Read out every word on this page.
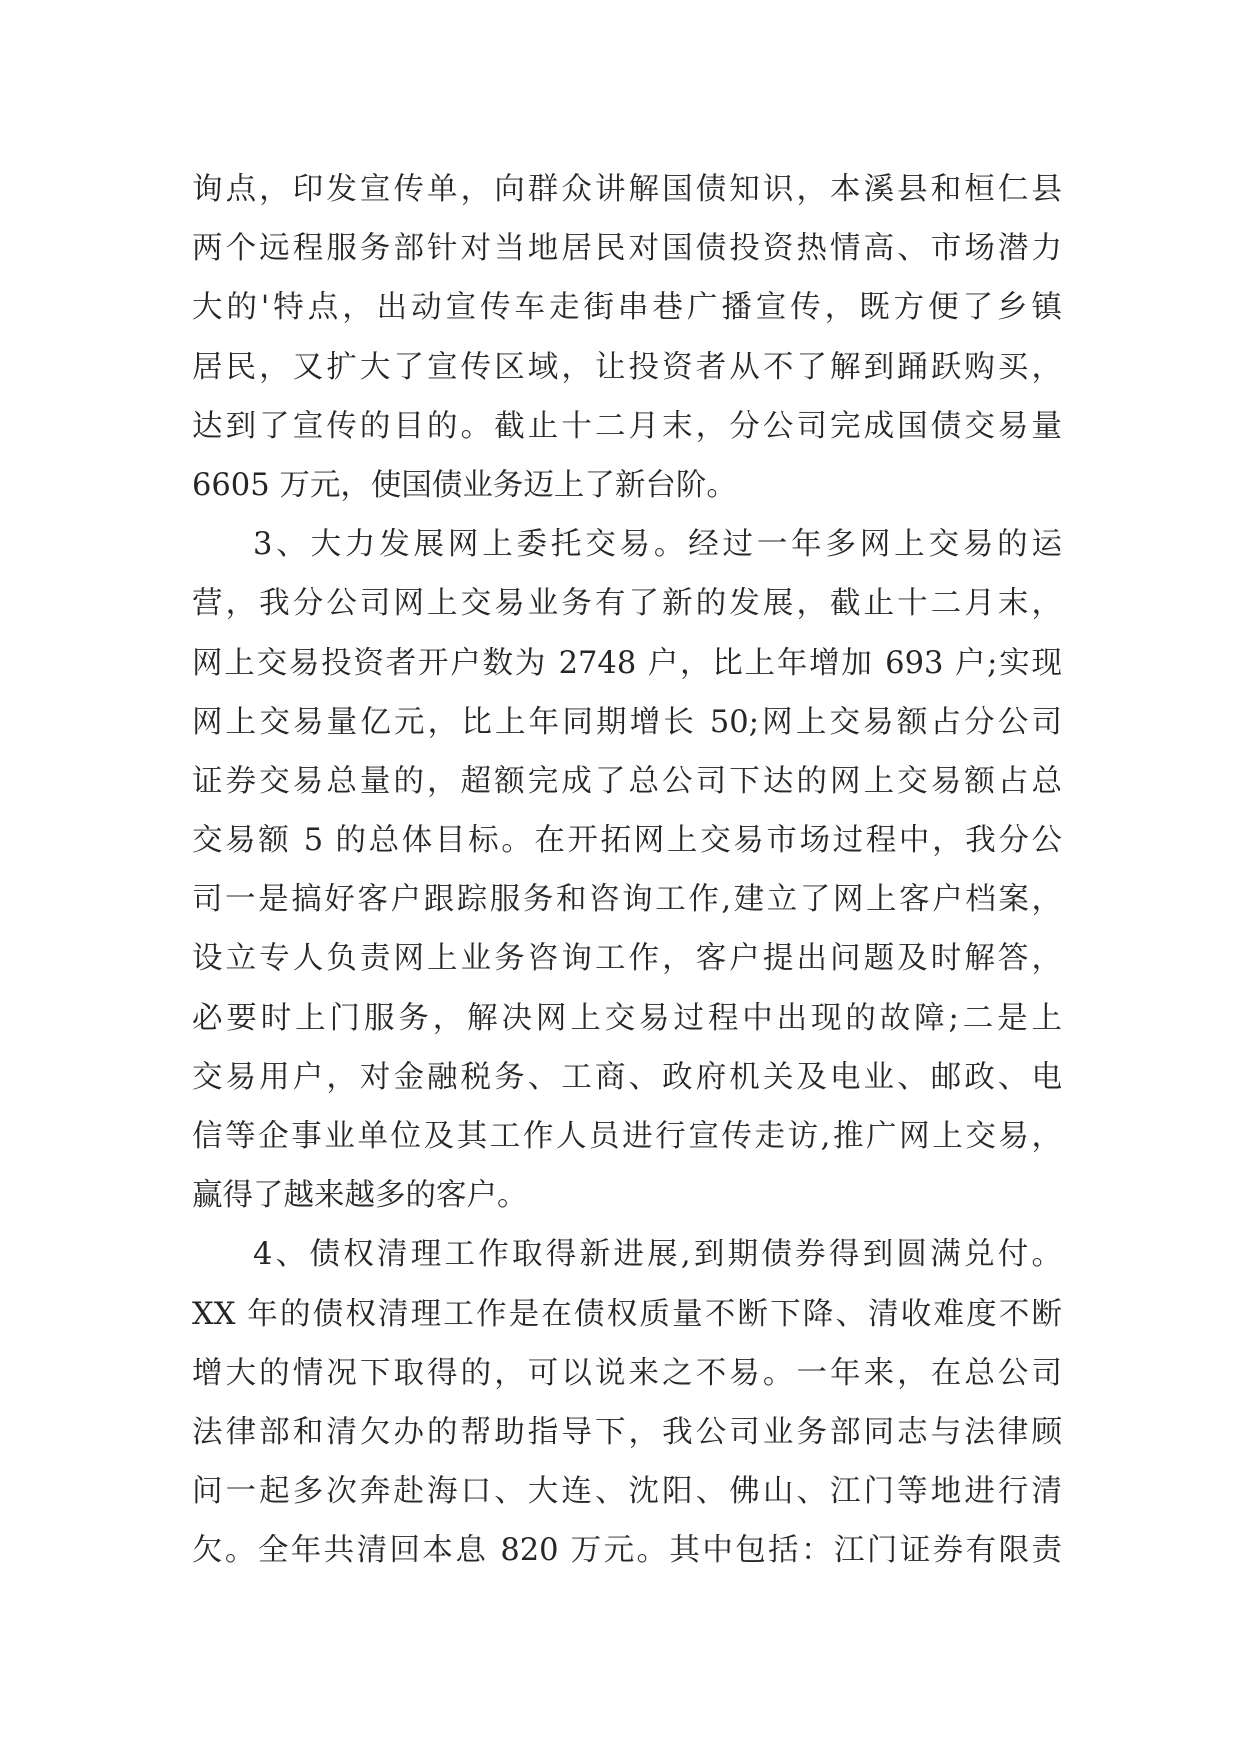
询点，印发宣传单，向群众讲解国债知识，本溪县和桓仁县
两个远程服务部针对当地居民对国债投资热情高、市场潜力
大的'特点，出动宣传车走街串巷广播宣传，既方便了乡镇
居民，又扩大了宣传区域，让投资者从不了解到踊跃购买，
达到了宣传的目的。截止十二月末，分公司完成国债交易量
6605 万元，使国债业务迈上了新台阶。
3、大力发展网上委托交易。经过一年多网上交易的运
营，我分公司网上交易业务有了新的发展，截止十二月末，
网上交易投资者开户数为 2748 户，比上年增加 693 户;实现
网上交易量亿元，比上年同期增长 50;网上交易额占分公司
证券交易总量的，超额完成了总公司下达的网上交易额占总
交易额 5 的总体目标。在开拓网上交易市场过程中，我分公
司一是搞好客户跟踪服务和咨询工作,建立了网上客户档案，
设立专人负责网上业务咨询工作，客户提出问题及时解答，
必要时上门服务，解决网上交易过程中出现的故障;二是上
交易用户，对金融税务、工商、政府机关及电业、邮政、电
信等企事业单位及其工作人员进行宣传走访,推广网上交易，
赢得了越来越多的客户。
4、债权清理工作取得新进展,到期债券得到圆满兑付。
XX 年的债权清理工作是在债权质量不断下降、清收难度不断
增大的情况下取得的，可以说来之不易。一年来，在总公司
法律部和清欠办的帮助指导下，我公司业务部同志与法律顾
问一起多次奔赴海口、大连、沈阳、佛山、江门等地进行清
欠。全年共清回本息 820 万元。其中包括：江门证券有限责
